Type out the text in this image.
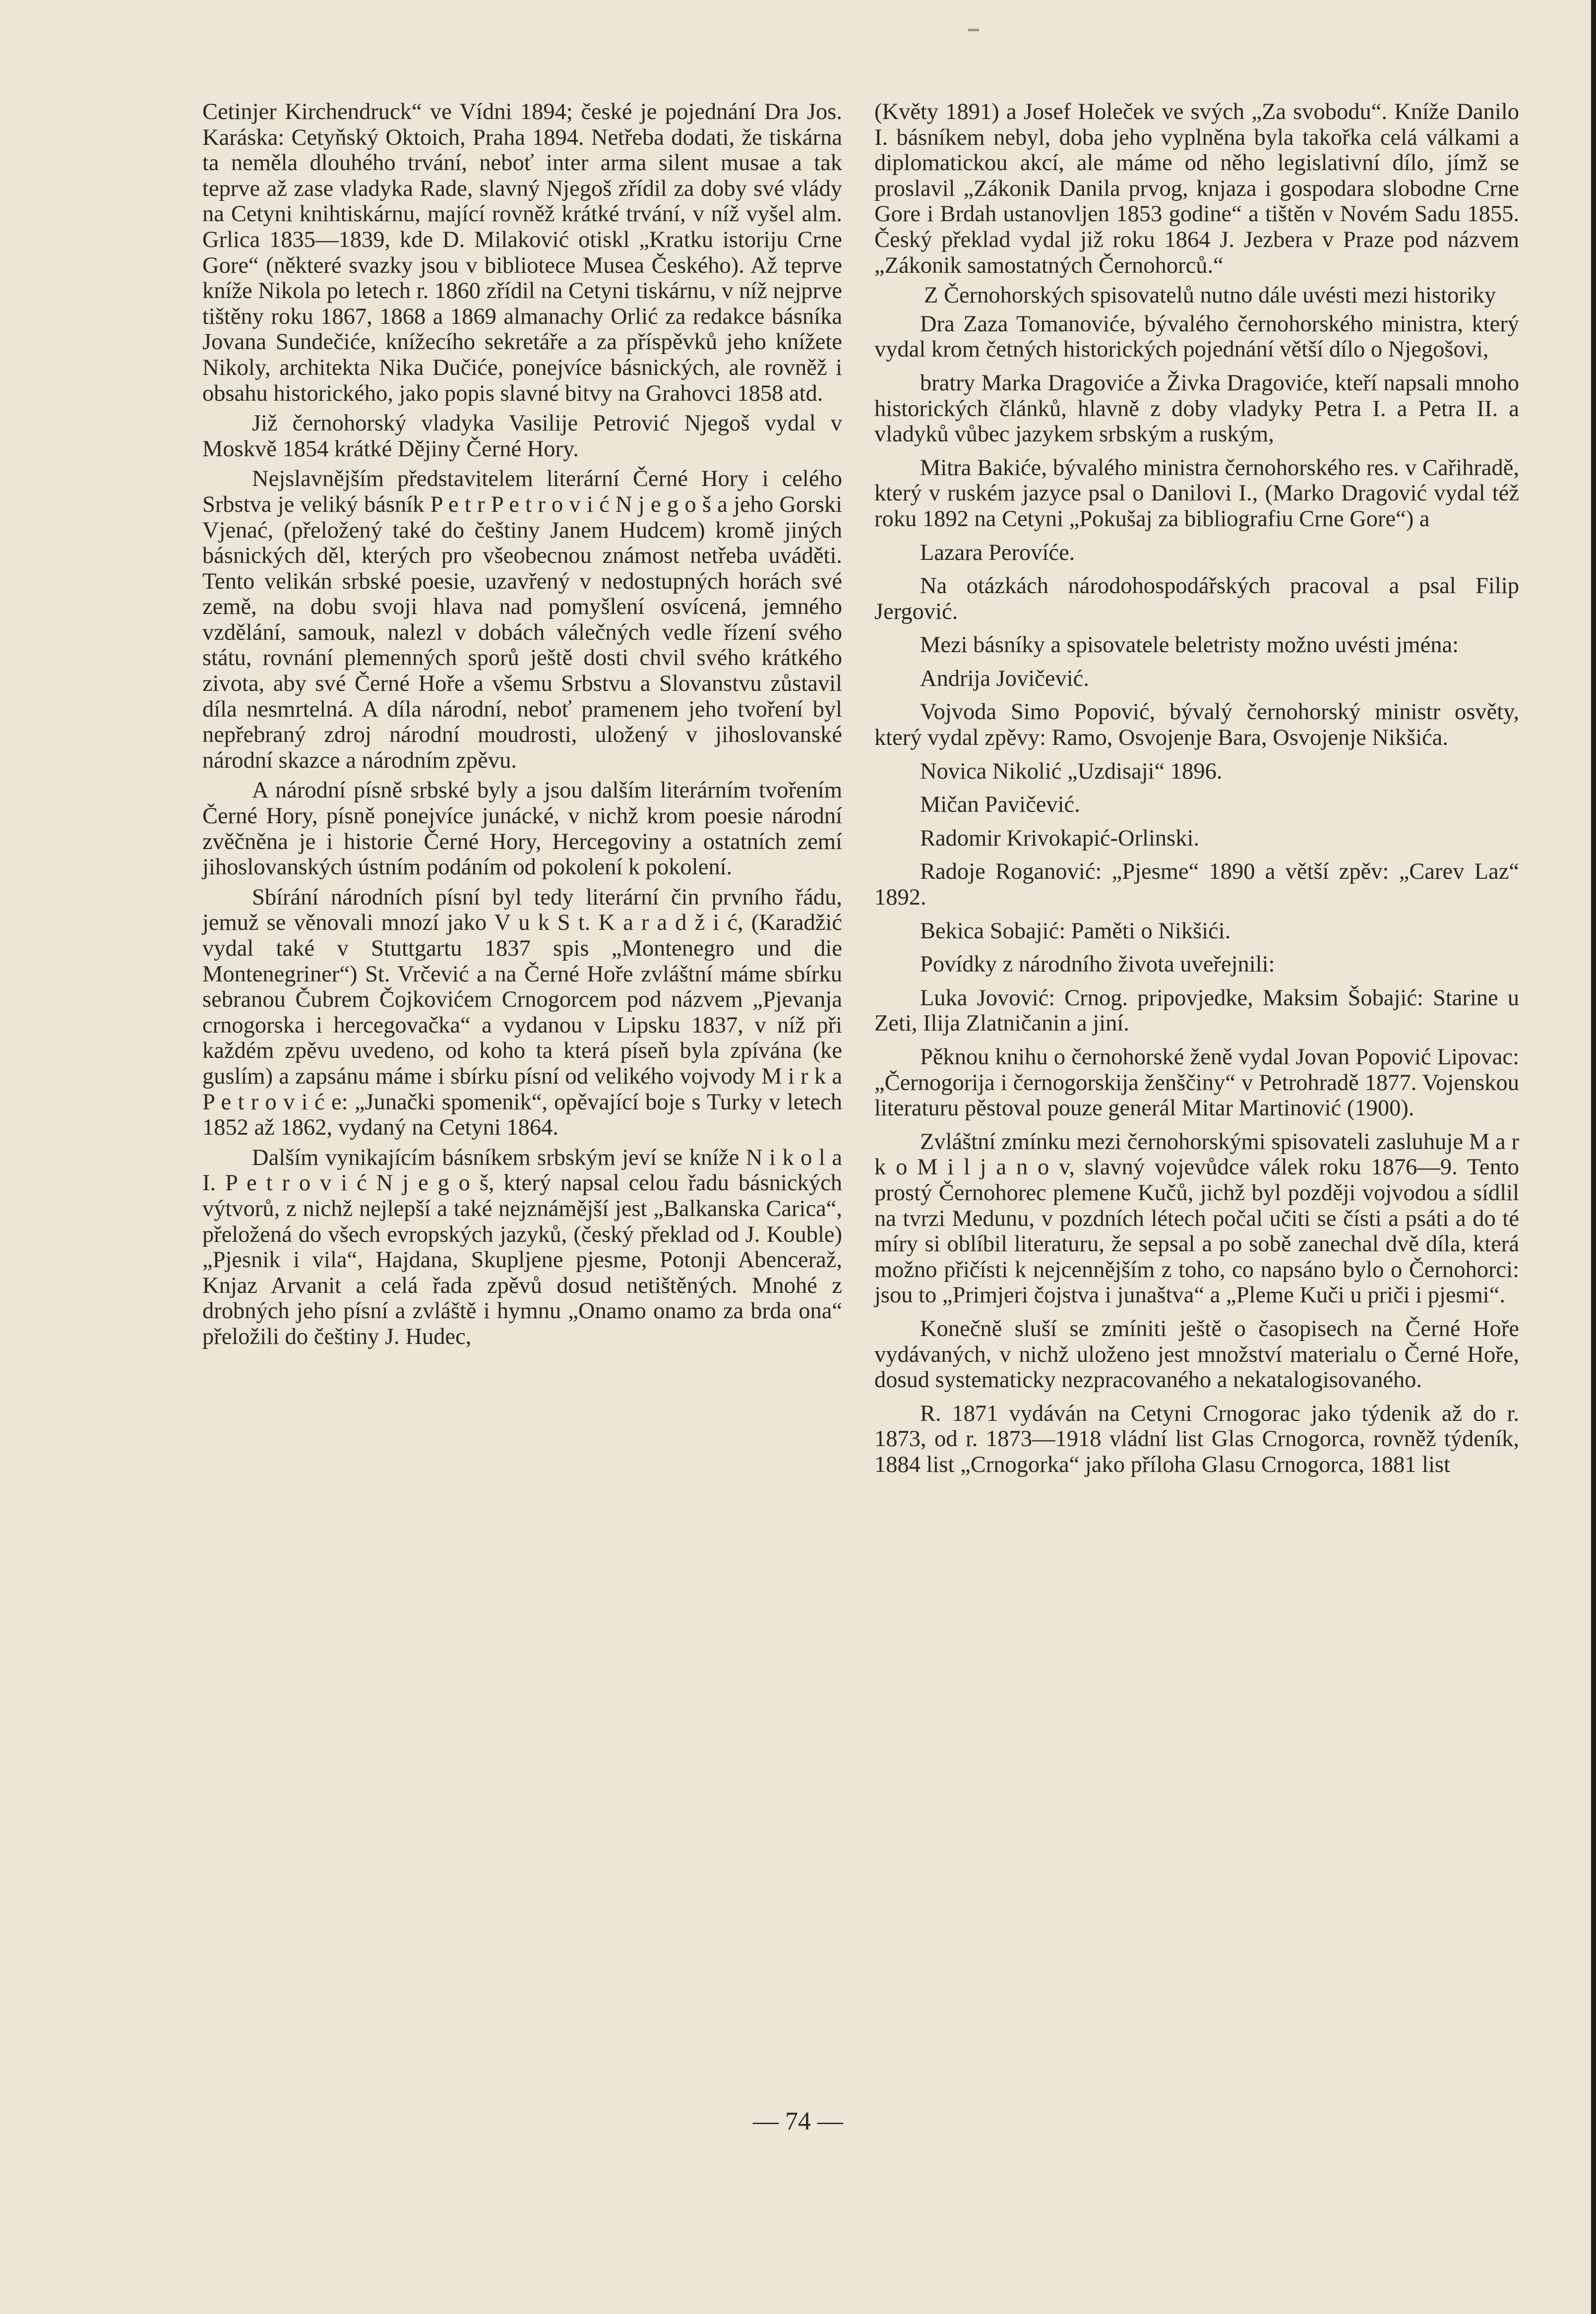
Cetinjer Kirchendruck“ ve Vídni 1894; české je pojednání Dra Jos. Karáska: Cetyňský Oktoich, Praha 1894. Netřeba dodati, že tiskárna ta neměla dlouhého trvání, neboť inter arma silent musae a tak teprve až zase vladyka Rade, slavný Njegoš zřídil za doby své vlády na Cetyni knihtiskárnu, mající rovněž krátké trvání, v níž vyšel alm. Grlica 1835—1839, kde D. Milaković otiskl „Kratku istoriju Crne Gore“ (některé svazky jsou v bibliotece Musea Českého). Až teprve kníže Nikola po letech r. 1860 zřídil na Cetyni tiskárnu, v níž nejprve tištěny roku 1867, 1868 a 1869 almanachy Orlić za redakce básníka Jovana Sundečiće, knížecího sekretáře a za příspěvků jeho knížete Nikoly, architekta Nika Dučiće, ponejvíce básnických, ale rovněž i obsahu historického, jako popis slavné bitvy na Grahovci 1858 atd.

Již černohorský vladyka Vasilije Petrović Njegoš vydal v Moskvě 1854 krátké Dějiny Černé Hory.

Nejslavnějším představitelem literární Černé Hory i celého Srbstva je veliký básník P e t r P e t r o v i ć N j e g o š a jeho Gorski Vjenać, (přeložený také do češtiny Janem Hudcem) kromě jiných básnických děl, kterých pro všeobecnou známost netřeba uváděti. Tento velikán srbské poesie, uzavřený v nedostupných horách své země, na dobu svoji hlava nad pomyšlení osvícená, jemného vzdělání, samouk, nalezl v dobách válečných vedle řízení svého státu, rovnání plemenných sporů ještě dosti chvil svého krátkého zivota, aby své Černé Hoře a všemu Srbstvu a Slovanstvu zůstavil díla nesmrtelná. A díla národní, neboť pramenem jeho tvoření byl nepřebraný zdroj národní moudrosti, uložený v jihoslovanské národní skazce a národním zpěvu.

A národní písně srbské byly a jsou dalším literárním tvořením Černé Hory, písně ponejvíce junácké, v nichž krom poesie národní zvěčněna je i historie Černé Hory, Hercegoviny a ostatních zemí jihoslovanských ústním podáním od pokolení k pokolení.

Sbírání národních písní byl tedy literární čin prvního řádu, jemuž se věnovali mnozí jako V u k S t. K a r a d ž i ć, (Karadžić vydal také v Stuttgartu 1837 spis „Montenegro und die Montenegriner“) St. Vrčević a na Černé Hoře zvláštní máme sbírku sebranou Čubrem Čojkovićem Crnogorcem pod názvem „Pjevanja crnogorska i hercegovačka“ a vydanou v Lipsku 1837, v níž při každém zpěvu uvedeno, od koho ta která píseň byla zpívána (ke guslím) a zapsánu máme i sbírku písní od velikého vojvody M i r k a P e t r o v i ć e: „Junački spomenik“, opěvající boje s Turky v letech 1852 až 1862, vydaný na Cetyni 1864.

Dalším vynikajícím básníkem srbským jeví se kníže N i k o l a I. P e t r o v i ć N j e g o š, který napsal celou řadu básnických výtvorů, z nichž nejlepší a také nejznámější jest „Balkanska Carica“, přeložená do všech evropských jazyků, (český překlad od J. Kouble) „Pjesnik i vila“, Hajdana, Skupljene pjesme, Potonji Abencerаž, Knjaz Arvanit a celá řada zpěvů dosud netištěných. Mnohé z drobných jeho písní a zvláště i hymnu „Onamo onamo za brda ona“ přeložili do češtiny J. Hudec,

(Květy 1891) a Josef Holeček ve svých „Za svobodu“. Kníže Danilo I. básníkem nebyl, doba jeho vyplněna byla takořka celá válkami a diplomatickou akcí, ale máme od něho legislativní dílo, jímž se proslavil „Zákonik Danila prvog, knjaza i gospodara slobodne Crne Gore i Brdah ustanovljen 1853 godine“ a tištěn v Novém Sadu 1855. Český překlad vydal již roku 1864 J. Jezbera v Praze pod názvem „Zákonik samostatných Černohorců.“

Z Černohorských spisovatelů nutno dále uvésti mezi historiky

Dra Zaza Tomanoviće, bývalého černohorského ministra, který vydal krom četných historických pojednání větší dílo o Njegošovi,

bratry Marka Dragoviće a Živka Dragoviće, kteří napsali mnoho historických článků, hlavně z doby vladyky Petra I. a Petra II. a vladyků vůbec jazykem srbským a ruským,

Mitra Bakiće, bývalého ministra černohorského res. v Cařihradě, který v ruském jazyce psal o Danilovi I., (Marko Dragović vydal též roku 1892 na Cetyni „Pokušaj za bibliografiu Crne Gore“) a

Lazara Perovíće.

Na otázkách národohospodářských pracoval a psal Filip Jergović.

Mezi básníky a spisovatele beletristy možno uvésti jména:

Andrija Jovičević.

Vojvoda Simo Popović, bývalý černohorský ministr osvěty, který vydal zpěvy: Ramo, Osvojenje Bara, Osvojenje Nikšića.

Novica Nikolić „Uzdisaji“ 1896.

Mičan Pavičević.

Radomir Krivokapić-Orlinski.

Radoje Roganović: „Pjesme“ 1890 a větší zpěv: „Carev Laz“ 1892.

Bekica Sobajić: Paměti o Nikšići.

Povídky z národního života uveřejnili:

Luka Jovović: Crnog. pripovjedke, Maksim Šobajić: Starine u Zeti, Ilija Zlatničanin a jiní.

Pěknou knihu o černohorské ženě vydal Jovan Popović Lipovac: „Černogorija i černogorskija ženščiny“ v Petrohradě 1877. Vojenskou literaturu pěstoval pouze generál Mitar Martinović (1900).

Zvláštní zmínku mezi černohorskými spisovateli zasluhuje M a r k o M i l j a n o v, slavný vojevůdce válek roku 1876—9. Tento prostý Černohorec plemene Kučů, jichž byl později vojvodou a sídlil na tvrzi Medunu, v pozdních létech počal učiti se čísti a psáti a do té míry si oblíbil literaturu, že sepsal a po sobě zanechal dvě díla, která možno přičísti k nejcennějším z toho, co napsáno bylo o Černohorci: jsou to „Primjeri čojstva i junaštva“ a „Pleme Kuči u priči i pjesmi“.

Konečně sluší se zmíniti ještě o časopisech na Černé Hoře vydávaných, v nichž uloženo jest množství materialu o Černé Hoře, dosud systematicky nezpracovaného a nekatalogisovaného.

R. 1871 vydáván na Cetyni Crnogorac jako týdenik až do r. 1873, od r. 1873—1918 vládní list Glas Crnogorca, rovněž týdeník, 1884 list „Crnogorka“ jako příloha Glasu Crnogorca, 1881 list

— 74 —
